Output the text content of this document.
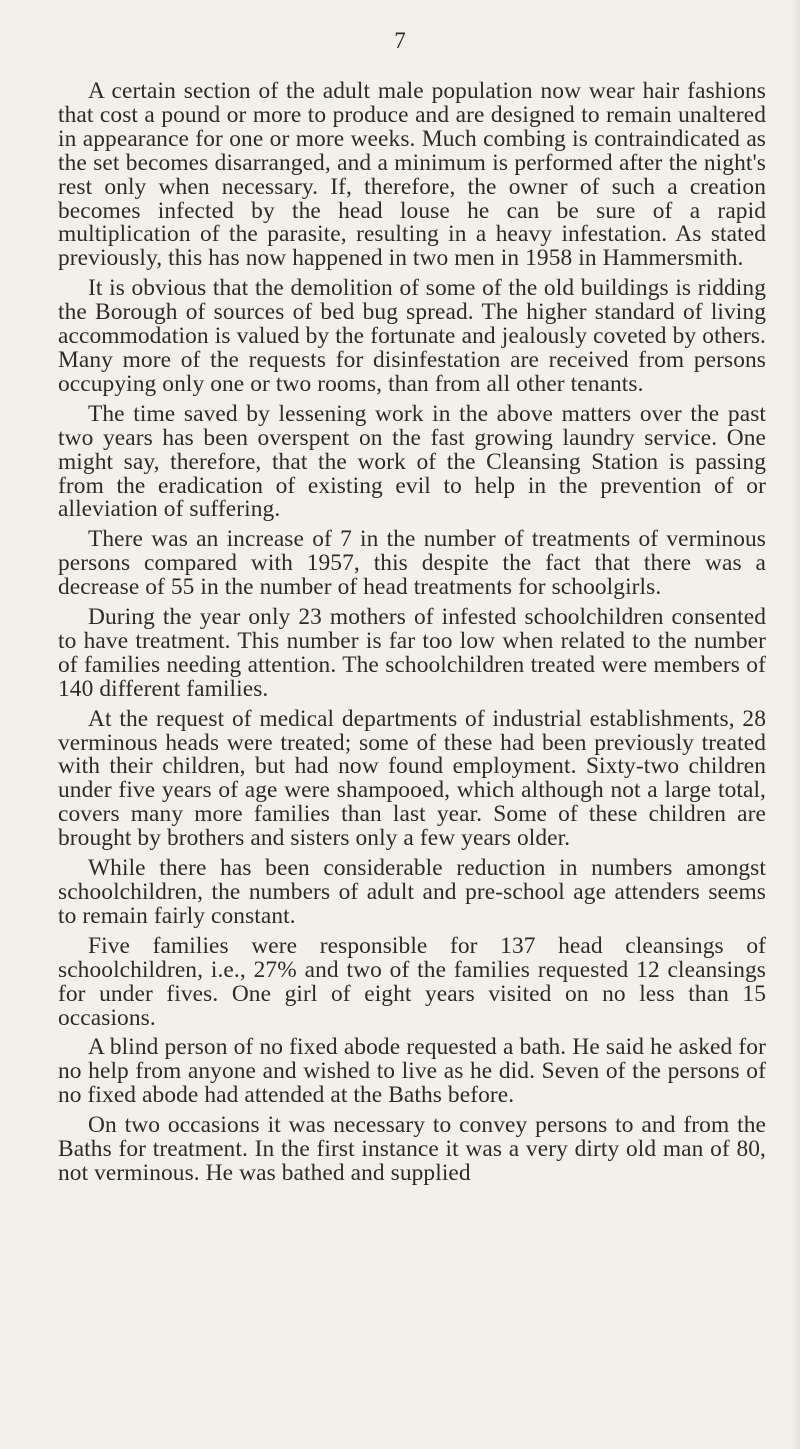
7

A certain section of the adult male population now wear hair fashions that cost a pound or more to produce and are designed to remain unaltered in appearance for one or more weeks. Much combing is contraindicated as the set becomes disarranged, and a minimum is performed after the night's rest only when necessary. If, therefore, the owner of such a creation becomes infected by the head louse he can be sure of a rapid multiplication of the parasite, resulting in a heavy infestation. As stated previously, this has now happened in two men in 1958 in Hammersmith.

It is obvious that the demolition of some of the old buildings is ridding the Borough of sources of bed bug spread. The higher standard of living accommodation is valued by the fortunate and jealously coveted by others. Many more of the requests for disinfestation are received from persons occupying only one or two rooms, than from all other tenants.

The time saved by lessening work in the above matters over the past two years has been overspent on the fast growing laundry service. One might say, therefore, that the work of the Cleansing Station is passing from the eradication of existing evil to help in the prevention of or alleviation of suffering.

There was an increase of 7 in the number of treatments of verminous persons compared with 1957, this despite the fact that there was a decrease of 55 in the number of head treatments for schoolgirls.

During the year only 23 mothers of infested schoolchildren consented to have treatment. This number is far too low when related to the number of families needing attention. The schoolchildren treated were members of 140 different families.

At the request of medical departments of industrial establishments, 28 verminous heads were treated; some of these had been previously treated with their children, but had now found employment. Sixty-two children under five years of age were shampooed, which although not a large total, covers many more families than last year. Some of these children are brought by brothers and sisters only a few years older.

While there has been considerable reduction in numbers amongst schoolchildren, the numbers of adult and pre-school age attenders seems to remain fairly constant.

Five families were responsible for 137 head cleansings of schoolchildren, i.e., 27% and two of the families requested 12 cleansings for under fives. One girl of eight years visited on no less than 15 occasions.

A blind person of no fixed abode requested a bath. He said he asked for no help from anyone and wished to live as he did. Seven of the persons of no fixed abode had attended at the Baths before.

On two occasions it was necessary to convey persons to and from the Baths for treatment. In the first instance it was a very dirty old man of 80, not verminous. He was bathed and supplied
